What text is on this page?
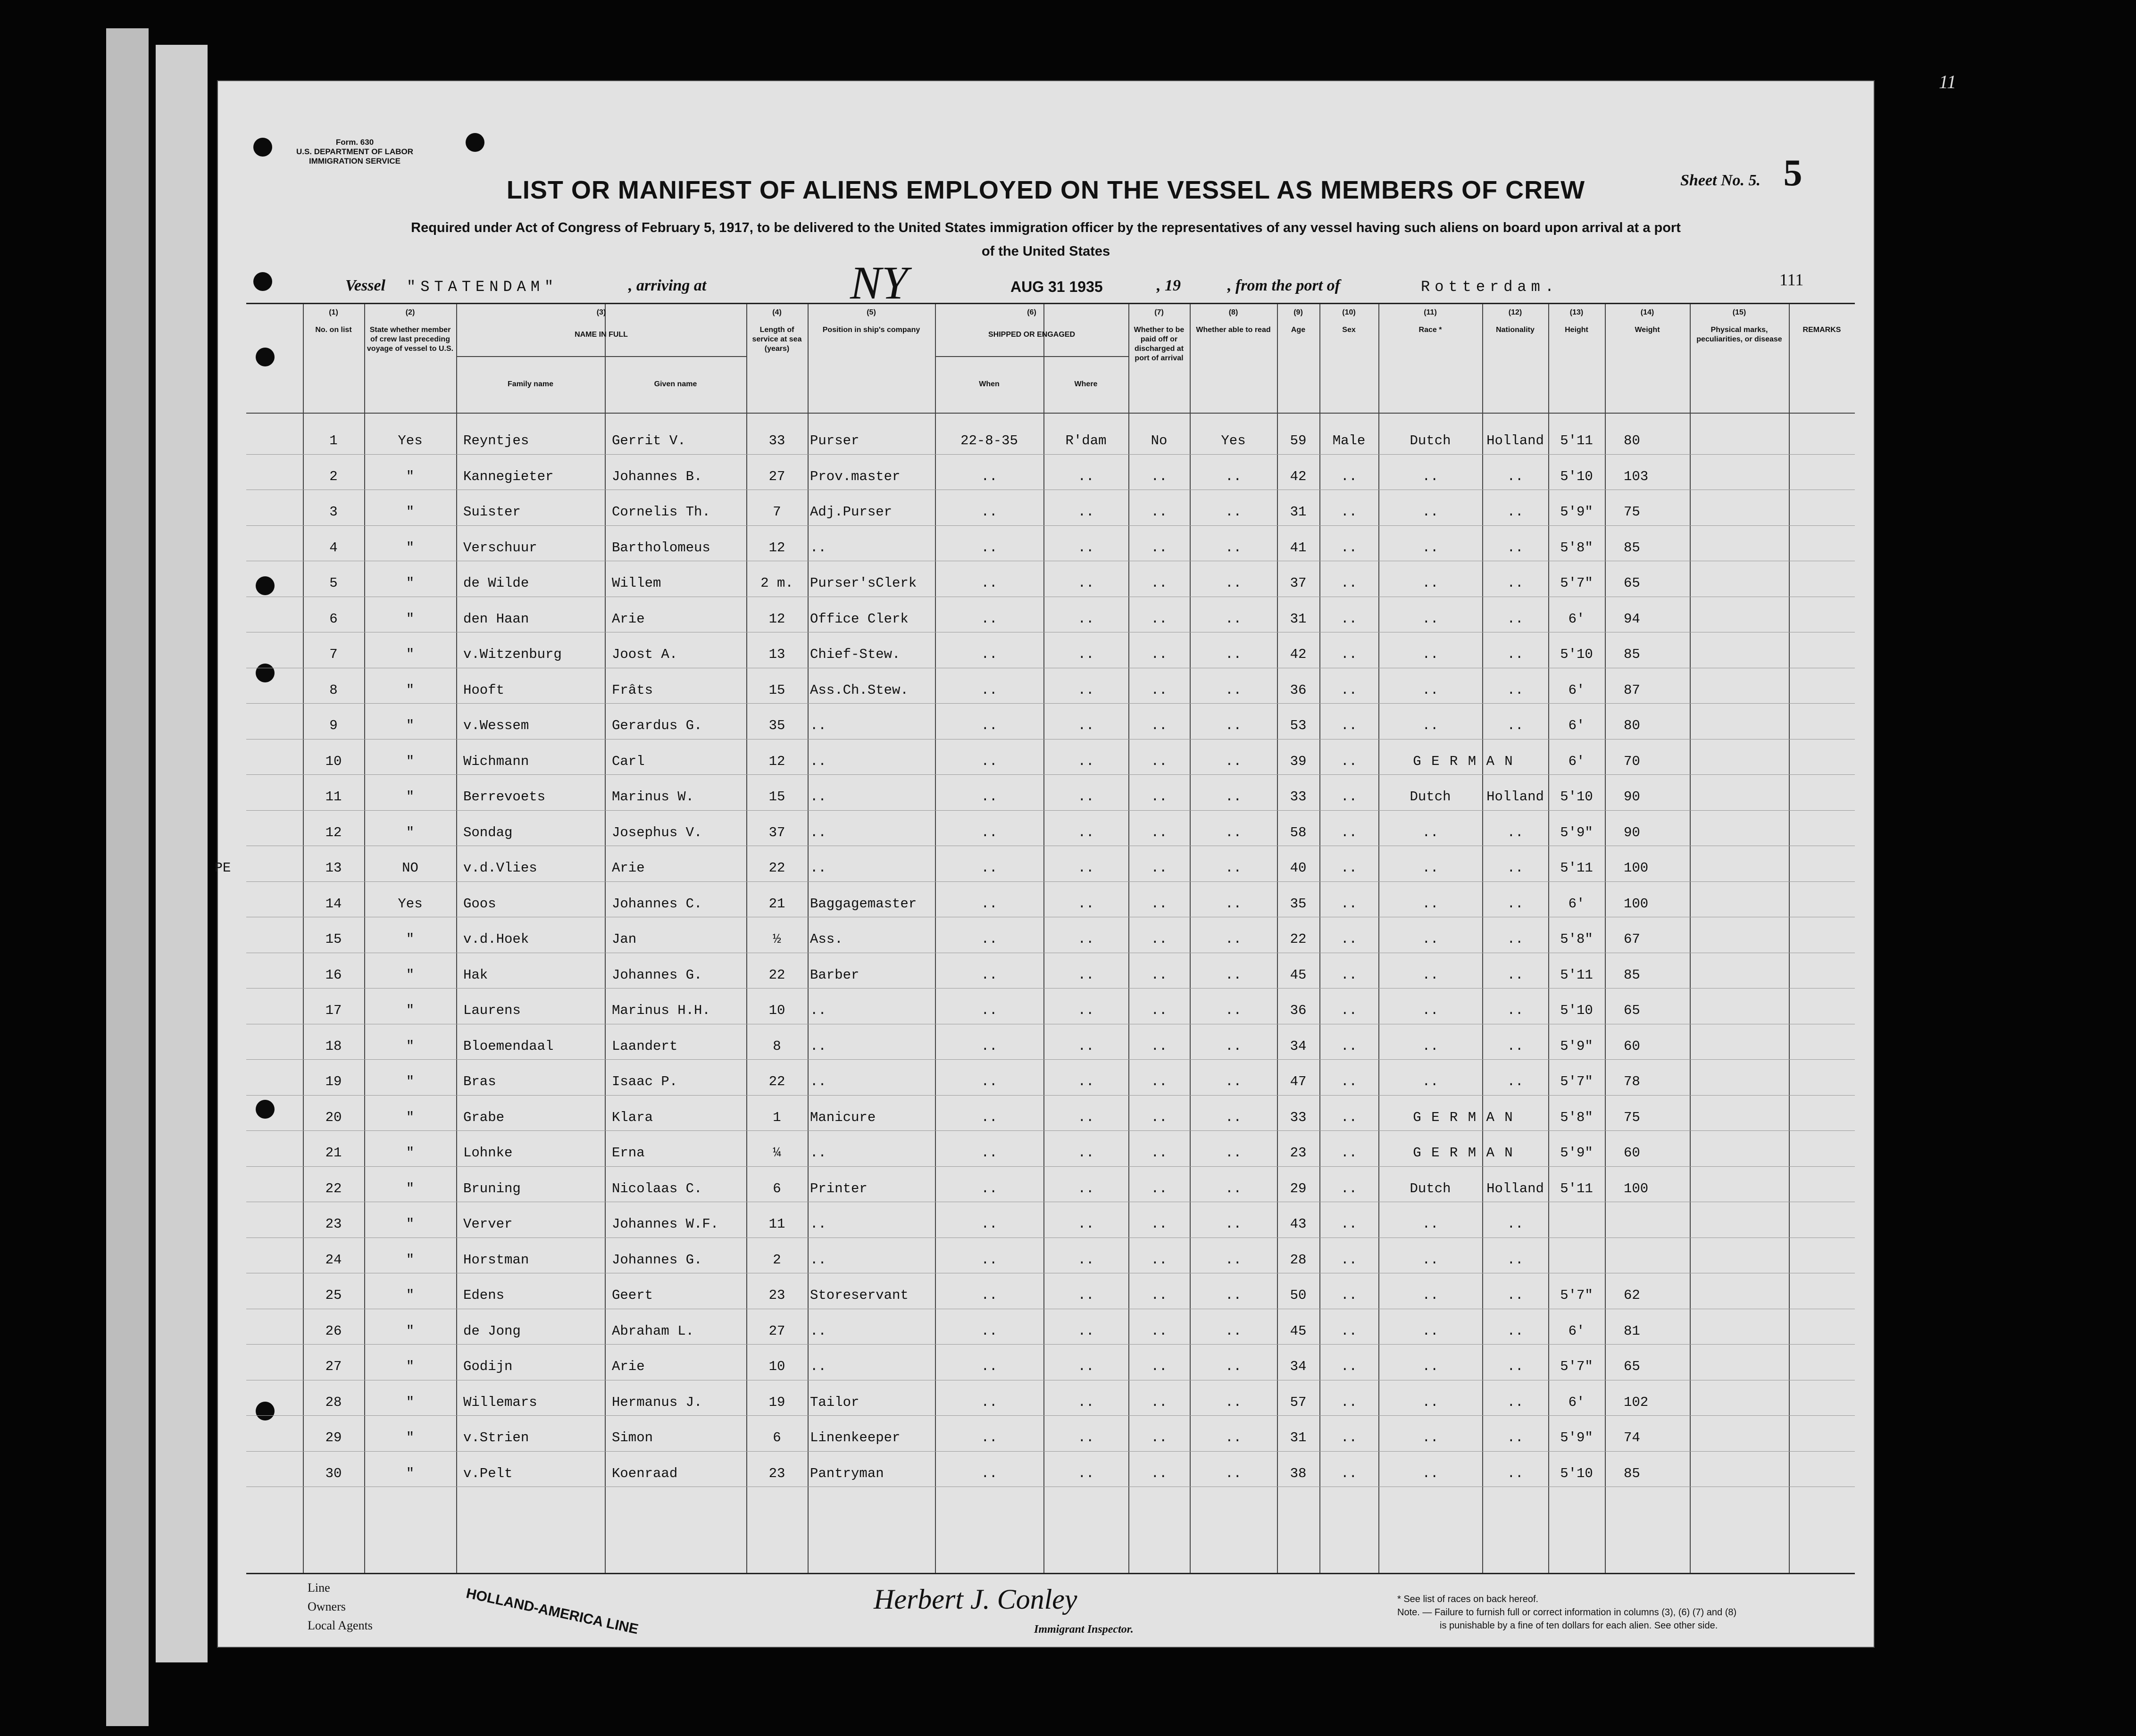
11
Form. 630
U.S. DEPARTMENT OF LABOR
IMMIGRATION SERVICE
Sheet No. 5. 5
LIST OR MANIFEST OF ALIENS EMPLOYED ON THE VESSEL AS MEMBERS OF CREW
Required under Act of Congress of February 5, 1917, to be delivered to the United States immigration officer by the representatives of any vessel having such aliens on board upon arrival at a port
of the United States
Vessel "STATENDAM"	, arriving at	NY	AUG 31 1935	, 19	, from the port of	Rotterdam.	111
(1)
No. on list
(2)
State whether member of crew last preceding voyage of vessel to U.S.
(3)
NAME IN FULL
Family name	Given name
(4)
Length of service at sea (years)
(5)
Position in ship's company
(6)
SHIPPED OR ENGAGED
When	Where
(7)
Whether to be paid off or discharged at port of arrival
(8)
Whether able to read
(9)
Age
(10)
Sex
(11)
Race *
(12)
Nationality
(13)
Height
(14)
Weight
(15)
Physical marks, peculiarities, or disease
REMARKS
1	Yes	Reyntjes	Gerrit V.	33	Purser	22-8-35	R'dam	No	Yes	59	Male	Dutch	Holland	5'11	80
2	"	Kannegieter	Johannes B.	27	Prov.master	..	..	..	..	42	..	..	..	5'10	103
3	"	Suister	Cornelis Th.	7	Adj.Purser	..	..	..	..	31	..	..	..	5'9"	75
4	"	Verschuur	Bartholomeus	12	..	..	..	..	..	41	..	..	..	5'8"	85
5	"	de Wilde	Willem	2 m.	Purser'sClerk	..	..	..	..	37	..	..	..	5'7"	65
6	"	den Haan	Arie	12	Office Clerk	..	..	..	..	31	..	..	..	6'	94
7	"	v.Witzenburg	Joost A.	13	Chief-Stew.	..	..	..	..	42	..	..	..	5'10	85
8	"	Hooft	Frâts	15	Ass.Ch.Stew.	..	..	..	..	36	..	..	..	6'	87
9	"	v.Wessem	Gerardus G.	35	..	..	..	..	..	53	..	..	..	6'	80
10	"	Wichmann	Carl	12	..	..	..	..	..	39	..	G E R M A N	6'	70
11	"	Berrevoets	Marinus W.	15	..	..	..	..	..	33	..	Dutch	Holland	5'10	90
12	"	Sondag	Josephus V.	37	..	..	..	..	..	58	..	..	..	5'9"	90
PE	13	NO	v.d.Vlies	Arie	22	..	..	..	..	..	40	..	..	..	5'11	100
14	Yes	Goos	Johannes C.	21	Baggagemaster	..	..	..	..	35	..	..	..	6'	100
15	"	v.d.Hoek	Jan	½	Ass.	..	..	..	..	22	..	..	..	5'8"	67
16	"	Hak	Johannes G.	22	Barber	..	..	..	..	45	..	..	..	5'11	85
17	"	Laurens	Marinus H.H.	10	..	..	..	..	..	36	..	..	..	5'10	65
18	"	Bloemendaal	Laandert	8	..	..	..	..	..	34	..	..	..	5'9"	60
19	"	Bras	Isaac P.	22	..	..	..	..	..	47	..	..	..	5'7"	78
20	"	Grabe	Klara	1	Manicure	..	..	..	..	33	..	G E R M A N	5'8"	75
21	"	Lohnke	Erna	¼	..	..	..	..	..	23	..	G E R M A N	5'9"	60
22	"	Bruning	Nicolaas C.	6	Printer	..	..	..	..	29	..	Dutch	Holland	5'11	100
23	"	Verver	Johannes W.F.	11	..	..	..	..	..	43	..	..	..
24	"	Horstman	Johannes G.	2	..	..	..	..	..	28	..	..	..
25	"	Edens	Geert	23	Storeservant	..	..	..	..	50	..	..	..	5'7"	62
26	"	de Jong	Abraham L.	27	..	..	..	..	..	45	..	..	..	6'	81
27	"	Godijn	Arie	10	..	..	..	..	..	34	..	..	..	5'7"	65
28	"	Willemars	Hermanus J.	19	Tailor	..	..	..	..	57	..	..	..	6'	102
29	"	v.Strien	Simon	6	Linenkeeper	..	..	..	..	31	..	..	..	5'9"	74
30	"	v.Pelt	Koenraad	23	Pantryman	..	..	..	..	38	..	..	..	5'10	85
Line
Owners
Local Agents	HOLLAND-AMERICA LINE	Herbert J. Conley
Immigrant Inspector.
* See list of races on back hereof.
Note. — Failure to furnish full or correct information in columns (3), (6) (7) and (8)
is punishable by a fine of ten dollars for each alien. See other side.
